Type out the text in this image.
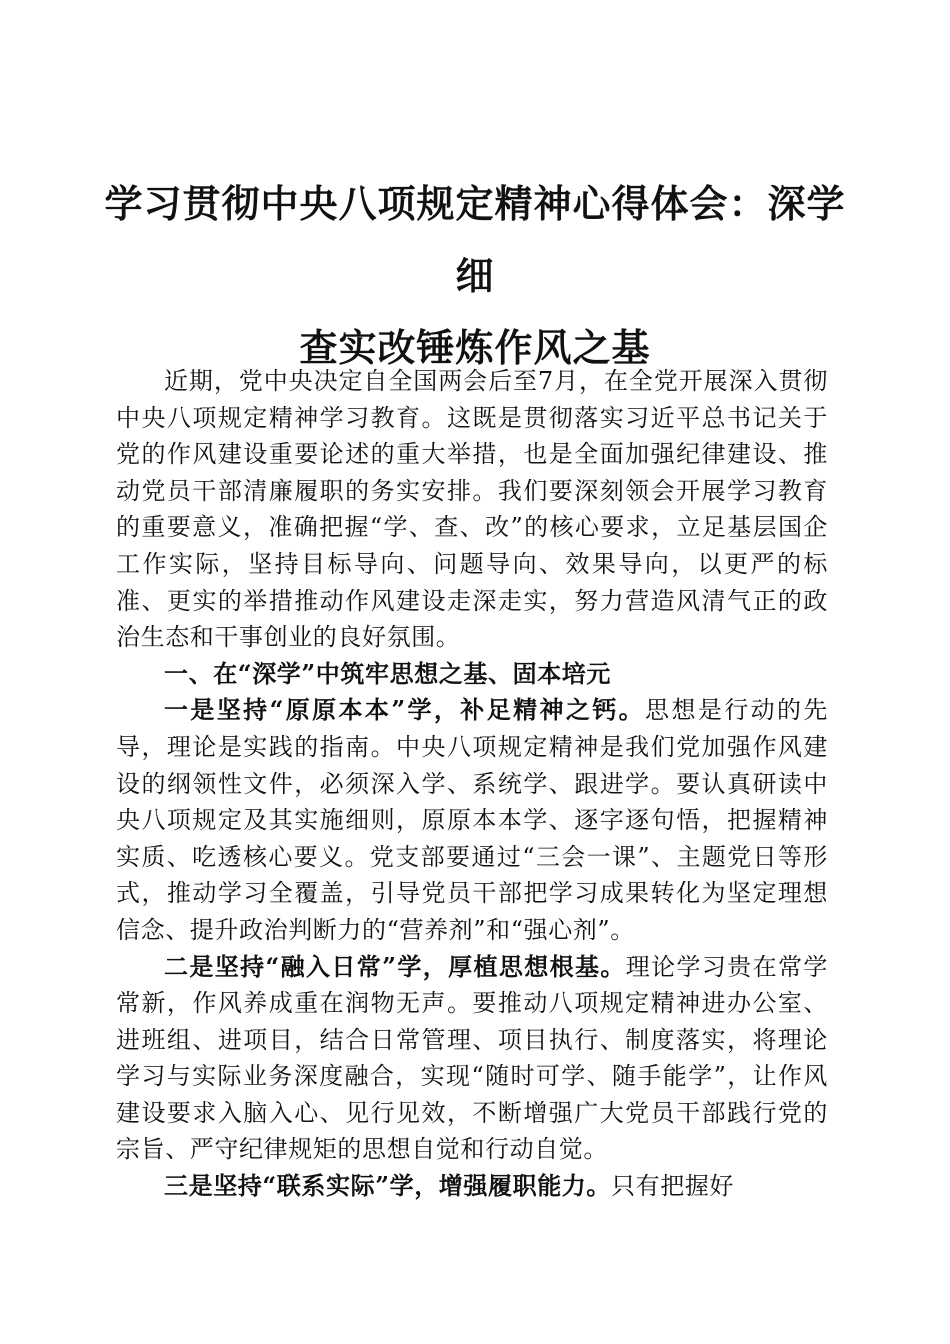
学习贯彻中央八项规定精神心得体会：深学细
查实改锤炼作风之基

近期，党中央决定自全国两会后至7月，在全党开展深入贯彻中央八项规定精神学习教育。这既是贯彻落实习近平总书记关于党的作风建设重要论述的重大举措，也是全面加强纪律建设、推动党员干部清廉履职的务实安排。我们要深刻领会开展学习教育的重要意义，准确把握“学、查、改”的核心要求，立足基层国企工作实际，坚持目标导向、问题导向、效果导向，以更严的标准、更实的举措推动作风建设走深走实，努力营造风清气正的政治生态和干事创业的良好氛围。

一、在“深学”中筑牢思想之基、固本培元

一是坚持“原原本本”学，补足精神之钙。思想是行动的先导，理论是实践的指南。中央八项规定精神是我们党加强作风建设的纲领性文件，必须深入学、系统学、跟进学。要认真研读中央八项规定及其实施细则，原原本本学、逐字逐句悟，把握精神实质、吃透核心要义。党支部要通过“三会一课”、主题党日等形式，推动学习全覆盖，引导党员干部把学习成果转化为坚定理想信念、提升政治判断力的“营养剂”和“强心剂”。

二是坚持“融入日常”学，厚植思想根基。理论学习贵在常学常新，作风养成重在润物无声。要推动八项规定精神进办公室、进班组、进项目，结合日常管理、项目执行、制度落实，将理论学习与实际业务深度融合，实现“随时可学、随手能学”，让作风建设要求入脑入心、见行见效，不断增强广大党员干部践行党的宗旨、严守纪律规矩的思想自觉和行动自觉。

三是坚持“联系实际”学，增强履职能力。只有把握好
